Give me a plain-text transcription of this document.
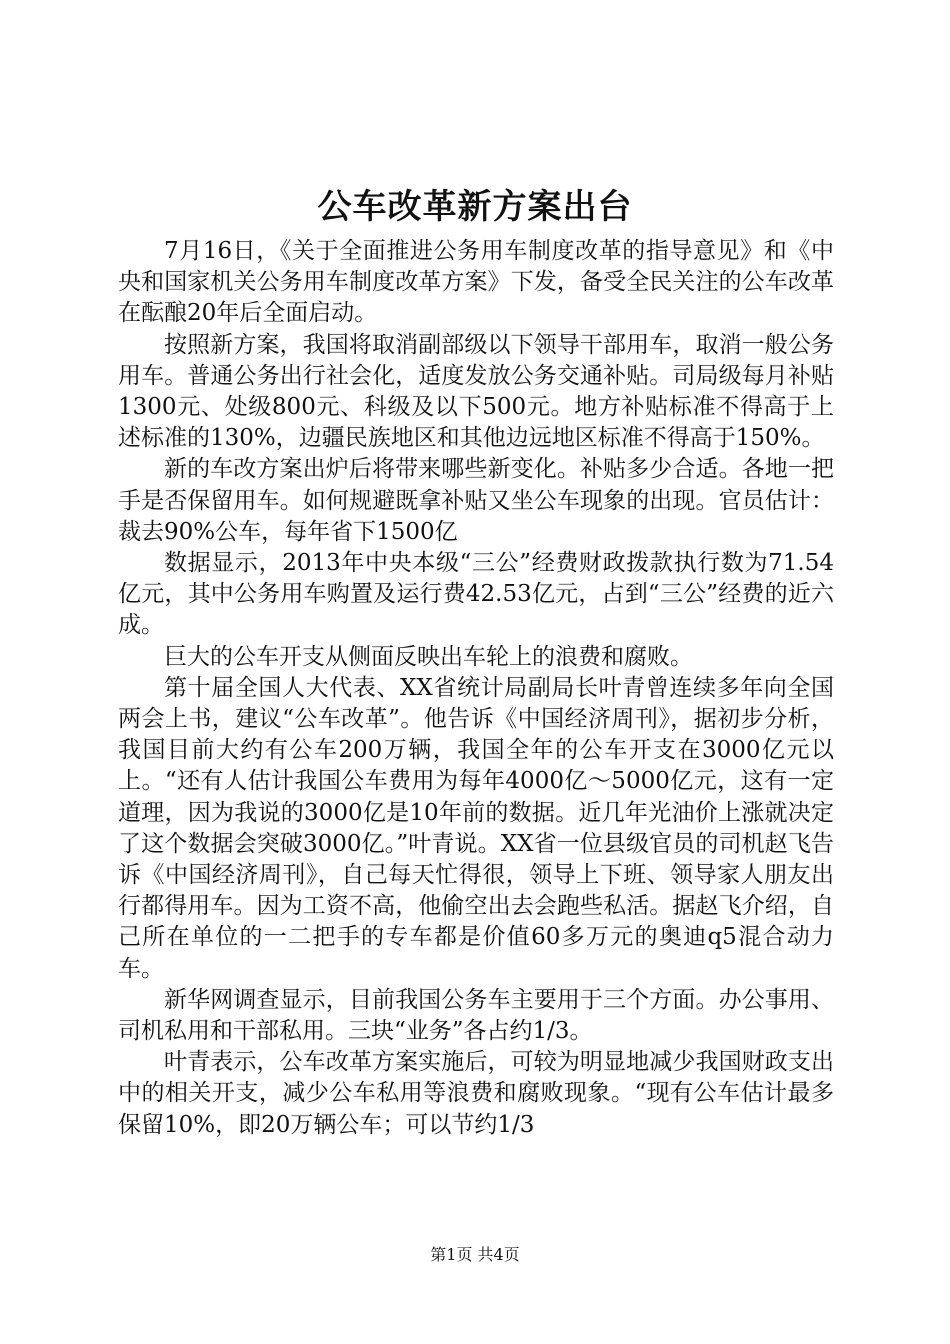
公车改革新方案出台

7月16日，《关于全面推进公务用车制度改革的指导意见》和《中央和国家机关公务用车制度改革方案》下发，备受全民关注的公车改革在酝酿20年后全面启动。

按照新方案，我国将取消副部级以下领导干部用车，取消一般公务用车。普通公务出行社会化，适度发放公务交通补贴。司局级每月补贴1300元、处级800元、科级及以下500元。地方补贴标准不得高于上述标准的130%，边疆民族地区和其他边远地区标准不得高于150%。

新的车改方案出炉后将带来哪些新变化。补贴多少合适。各地一把手是否保留用车。如何规避既拿补贴又坐公车现象的出现。官员估计：裁去90%公车，每年省下1500亿

数据显示，2013年中央本级“三公”经费财政拨款执行数为71.54亿元，其中公务用车购置及运行费42.53亿元，占到“三公”经费的近六成。

巨大的公车开支从侧面反映出车轮上的浪费和腐败。

第十届全国人大代表、XX省统计局副局长叶青曾连续多年向全国两会上书，建议“公车改革”。他告诉《中国经济周刊》，据初步分析，我国目前大约有公车200万辆，我国全年的公车开支在3000亿元以上。“还有人估计我国公车费用为每年4000亿～5000亿元，这有一定道理，因为我说的3000亿是10年前的数据。近几年光油价上涨就决定了这个数据会突破3000亿。”叶青说。XX省一位县级官员的司机赵飞告诉《中国经济周刊》，自己每天忙得很，领导上下班、领导家人朋友出行都得用车。因为工资不高，他偷空出去会跑些私活。据赵飞介绍，自己所在单位的一二把手的专车都是价值60多万元的奥迪q5混合动力车。

新华网调查显示，目前我国公务车主要用于三个方面。办公事用、司机私用和干部私用。三块“业务”各占约1/3。

叶青表示，公车改革方案实施后，可较为明显地减少我国财政支出中的相关开支，减少公车私用等浪费和腐败现象。“现有公车估计最多保留10%，即20万辆公车；可以节约1/3

第1页 共4页
